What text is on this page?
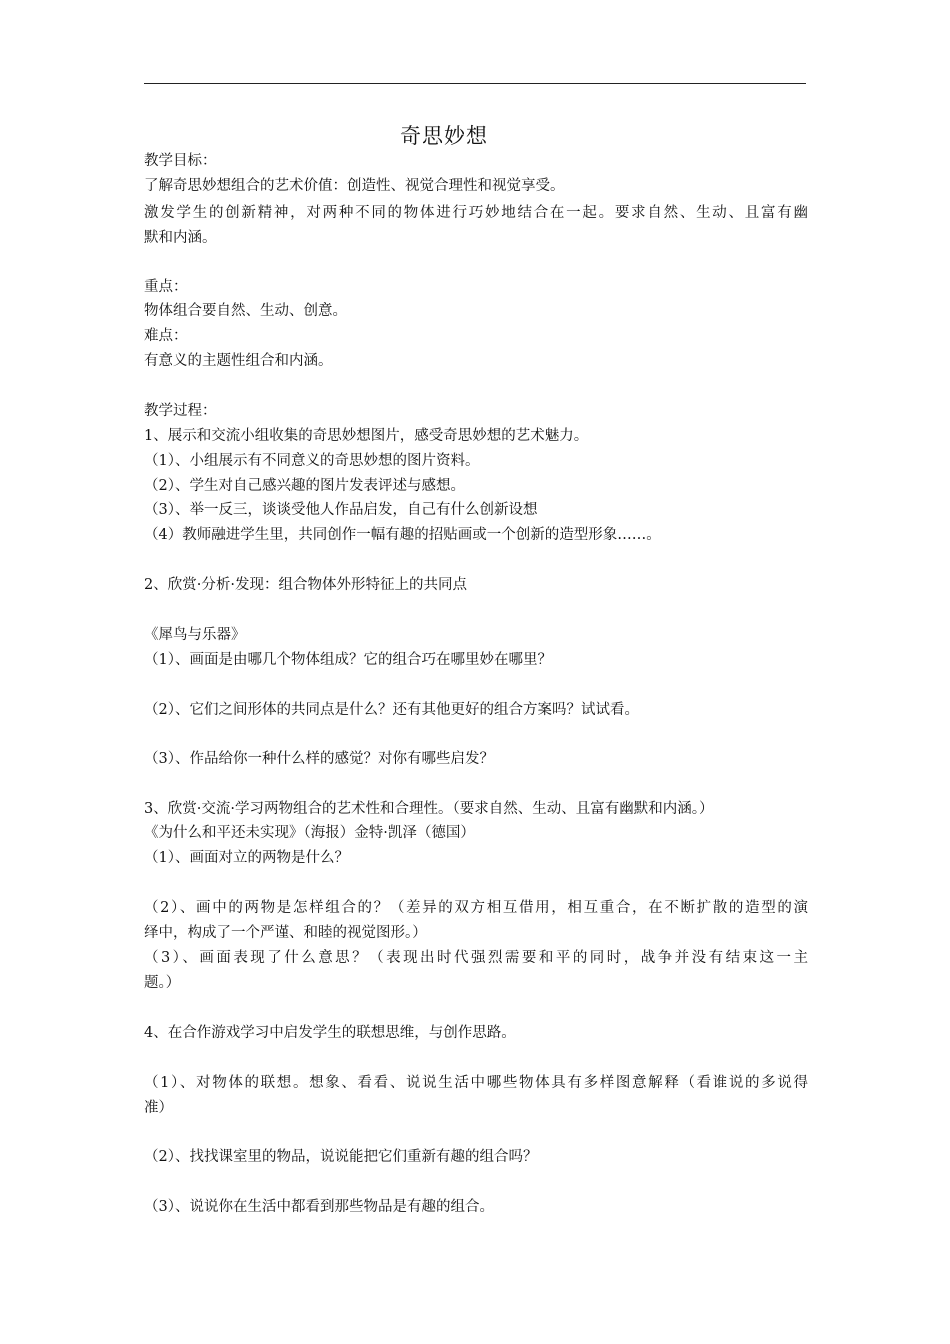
奇思妙想
教学目标：
了解奇思妙想组合的艺术价值：创造性、视觉合理性和视觉享受。
激发学生的创新精神，对两种不同的物体进行巧妙地结合在一起。要求自然、生动、且富有幽
默和内涵。
重点：
物体组合要自然、生动、创意。
难点：
有意义的主题性组合和内涵。
教学过程：
1、展示和交流小组收集的奇思妙想图片，感受奇思妙想的艺术魅力。
（1）、小组展示有不同意义的奇思妙想的图片资料。
（2）、学生对自己感兴趣的图片发表评述与感想。
（3）、举一反三，谈谈受他人作品启发，自己有什么创新设想
（4）教师融进学生里，共同创作一幅有趣的招贴画或一个创新的造型形象……。
2、欣赏·分析·发现：组合物体外形特征上的共同点
《犀鸟与乐器》
（1）、画面是由哪几个物体组成？它的组合巧在哪里妙在哪里？
（2）、它们之间形体的共同点是什么？还有其他更好的组合方案吗？试试看。
（3）、作品给你一种什么样的感觉？对你有哪些启发？
3、欣赏·交流·学习两物组合的艺术性和合理性。（要求自然、生动、且富有幽默和内涵。）
《为什么和平还未实现》（海报）金特·凯泽（德国）
（1）、画面对立的两物是什么？
（2）、画中的两物是怎样组合的？（差异的双方相互借用，相互重合，在不断扩散的造型的演
绎中，构成了一个严谨、和睦的视觉图形。）
（3）、画面表现了什么意思？（表现出时代强烈需要和平的同时，战争并没有结束这一主
题。）
4、在合作游戏学习中启发学生的联想思维，与创作思路。
（1）、对物体的联想。想象、看看、说说生活中哪些物体具有多样图意解释（看谁说的多说得
准）
（2）、找找课室里的物品，说说能把它们重新有趣的组合吗？
（3）、说说你在生活中都看到那些物品是有趣的组合。
